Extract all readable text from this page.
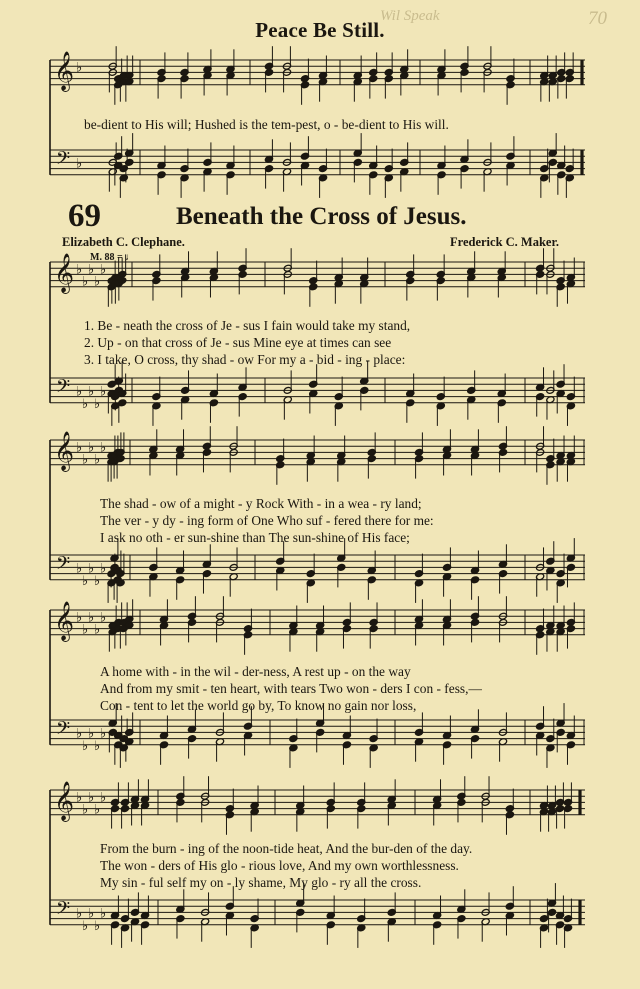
Wil Speak	70
Peace Be Still.
69	Beneath the Cross of Jesus.
Elizabeth C. Clephane.	Frederick C. Maker.
M. 88 = ♩
𝄞
𝄢
♭
♭
𝄞
𝄢
♭
♭
♭
♭
♭
♭
♭
♭
♭
♭
𝄞
𝄢
♭
♭
♭
♭
♭
♭
♭
♭
♭
♭
𝄞
𝄢
♭
♭
♭
♭
♭
♭
♭
♭
♭
♭
𝄞
𝄢
♭
♭
♭
♭
♭
♭
♭
♭
♭
♭
be-dient to His will; Hushed is the tem-pest, o - be-dient to His will.
1. Be - neath the cross of Je - sus I fain would take my stand,
2. Up - on that cross of Je - sus Mine eye at times can see
3. I take, O cross, thy shad - ow For my a - bid - ing - place:
The shad - ow of a might - y Rock With - in a wea - ry land;
The ver - y dy - ing form of One Who suf - fered there for me:
I ask no oth - er sun-shine than The sun-shine of His face;
A home with - in the wil - der-ness, A rest up - on the way
And from my smit - ten heart, with tears Two won - ders I con - fess,—
Con - tent to let the world go by, To know no gain nor loss,
From the burn - ing of the noon-tide heat, And the bur-den of the day.
The won - ders of His glo - rious love, And my own worthlessness.
My sin - ful self my on - ly shame, My glo - ry all the cross.
